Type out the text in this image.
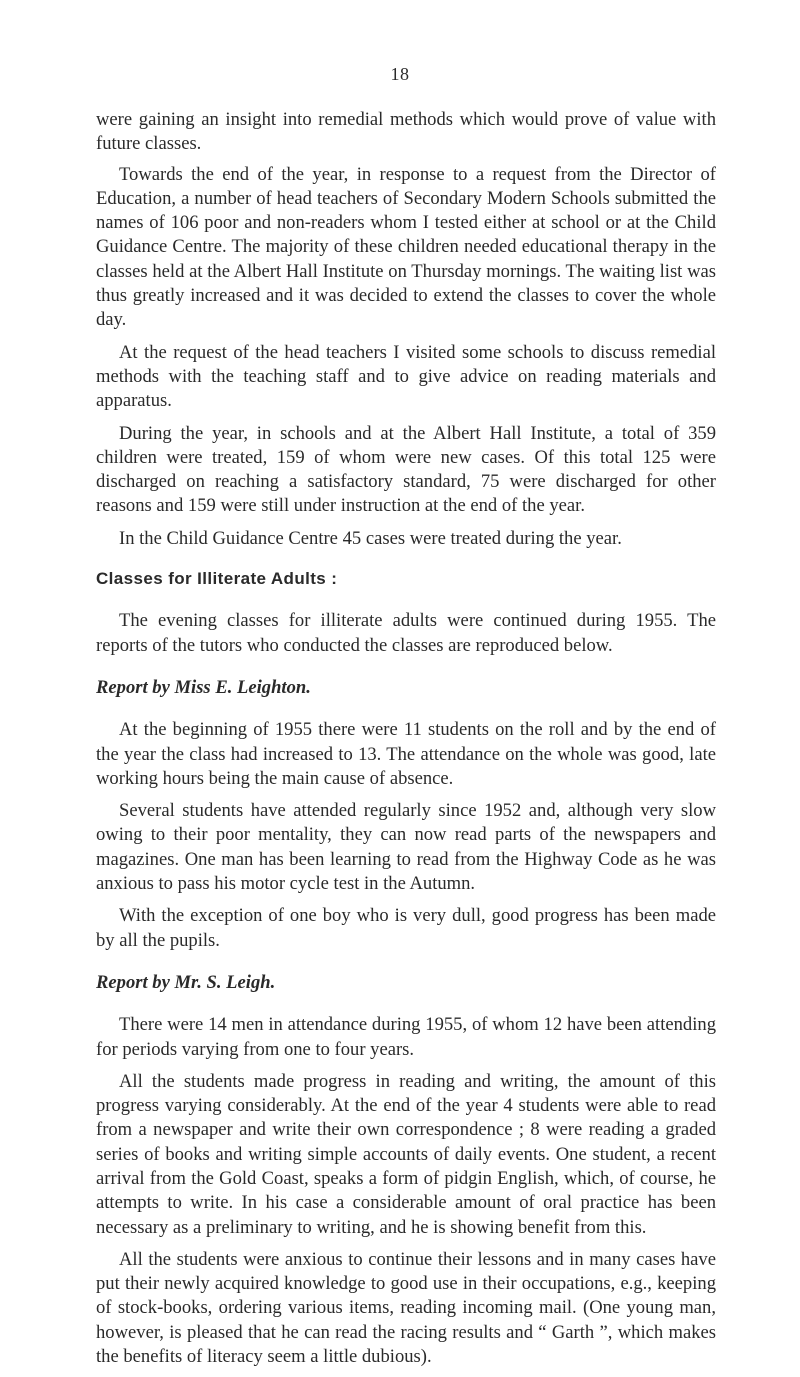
18

were gaining an insight into remedial methods which would prove of value with future classes.

Towards the end of the year, in response to a request from the Director of Education, a number of head teachers of Secondary Modern Schools submitted the names of 106 poor and non-readers whom I tested either at school or at the Child Guidance Centre. The majority of these children needed educational therapy in the classes held at the Albert Hall Institute on Thursday mornings. The waiting list was thus greatly increased and it was decided to extend the classes to cover the whole day.

At the request of the head teachers I visited some schools to discuss remedial methods with the teaching staff and to give advice on reading materials and apparatus.

During the year, in schools and at the Albert Hall Institute, a total of 359 children were treated, 159 of whom were new cases. Of this total 125 were discharged on reaching a satisfactory standard, 75 were discharged for other reasons and 159 were still under instruction at the end of the year.

In the Child Guidance Centre 45 cases were treated during the year.

Classes for Illiterate Adults :

The evening classes for illiterate adults were continued during 1955. The reports of the tutors who conducted the classes are reproduced below.

Report by Miss E. Leighton.

At the beginning of 1955 there were 11 students on the roll and by the end of the year the class had increased to 13. The attendance on the whole was good, late working hours being the main cause of absence.

Several students have attended regularly since 1952 and, although very slow owing to their poor mentality, they can now read parts of the newspapers and magazines. One man has been learning to read from the Highway Code as he was anxious to pass his motor cycle test in the Autumn.

With the exception of one boy who is very dull, good progress has been made by all the pupils.

Report by Mr. S. Leigh.

There were 14 men in attendance during 1955, of whom 12 have been attending for periods varying from one to four years.

All the students made progress in reading and writing, the amount of this progress varying considerably. At the end of the year 4 students were able to read from a newspaper and write their own correspondence ; 8 were reading a graded series of books and writing simple accounts of daily events. One student, a recent arrival from the Gold Coast, speaks a form of pidgin English, which, of course, he attempts to write. In his case a considerable amount of oral practice has been necessary as a preliminary to writing, and he is showing benefit from this.

All the students were anxious to continue their lessons and in many cases have put their newly acquired knowledge to good use in their occupations, e.g., keeping of stock-books, ordering various items, reading incoming mail. (One young man, however, is pleased that he can read the racing results and “ Garth ”, which makes the benefits of literacy seem a little dubious).
